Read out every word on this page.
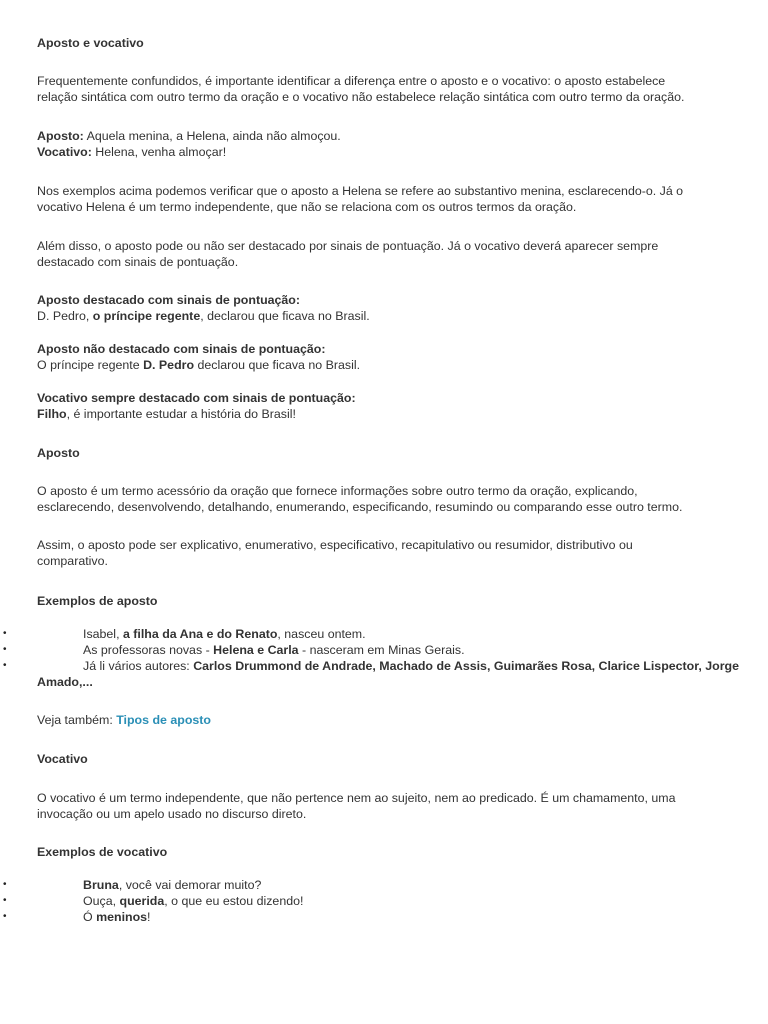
Aposto e vocativo

Frequentemente confundidos, é importante identificar a diferença entre o aposto e o vocativo: o aposto estabelece
relação sintática com outro termo da oração e o vocativo não estabelece relação sintática com outro termo da oração.

Aposto: Aquela menina, a Helena, ainda não almoçou.
Vocativo: Helena, venha almoçar!

Nos exemplos acima podemos verificar que o aposto a Helena se refere ao substantivo menina, esclarecendo-o. Já o
vocativo Helena é um termo independente, que não se relaciona com os outros termos da oração.

Além disso, o aposto pode ou não ser destacado por sinais de pontuação. Já o vocativo deverá aparecer sempre
destacado com sinais de pontuação.

Aposto destacado com sinais de pontuação:
D. Pedro, o príncipe regente, declarou que ficava no Brasil.

Aposto não destacado com sinais de pontuação:
O príncipe regente D. Pedro declarou que ficava no Brasil.

Vocativo sempre destacado com sinais de pontuação:
Filho, é importante estudar a história do Brasil!

Aposto

O aposto é um termo acessório da oração que fornece informações sobre outro termo da oração, explicando,
esclarecendo, desenvolvendo, detalhando, enumerando, especificando, resumindo ou comparando esse outro termo.

Assim, o aposto pode ser explicativo, enumerativo, especificativo, recapitulativo ou resumidor, distributivo ou
comparativo.

Exemplos de aposto

•	Isabel, a filha da Ana e do Renato, nasceu ontem.
•	As professoras novas - Helena e Carla - nasceram em Minas Gerais.
•	Já li vários autores: Carlos Drummond de Andrade, Machado de Assis, Guimarães Rosa, Clarice Lispector, Jorge

Amado,...

Veja também: Tipos de aposto

Vocativo

O vocativo é um termo independente, que não pertence nem ao sujeito, nem ao predicado. É um chamamento, uma
invocação ou um apelo usado no discurso direto.

Exemplos de vocativo

•	Bruna, você vai demorar muito?
•	Ouça, querida, o que eu estou dizendo!
•	Ó meninos!
